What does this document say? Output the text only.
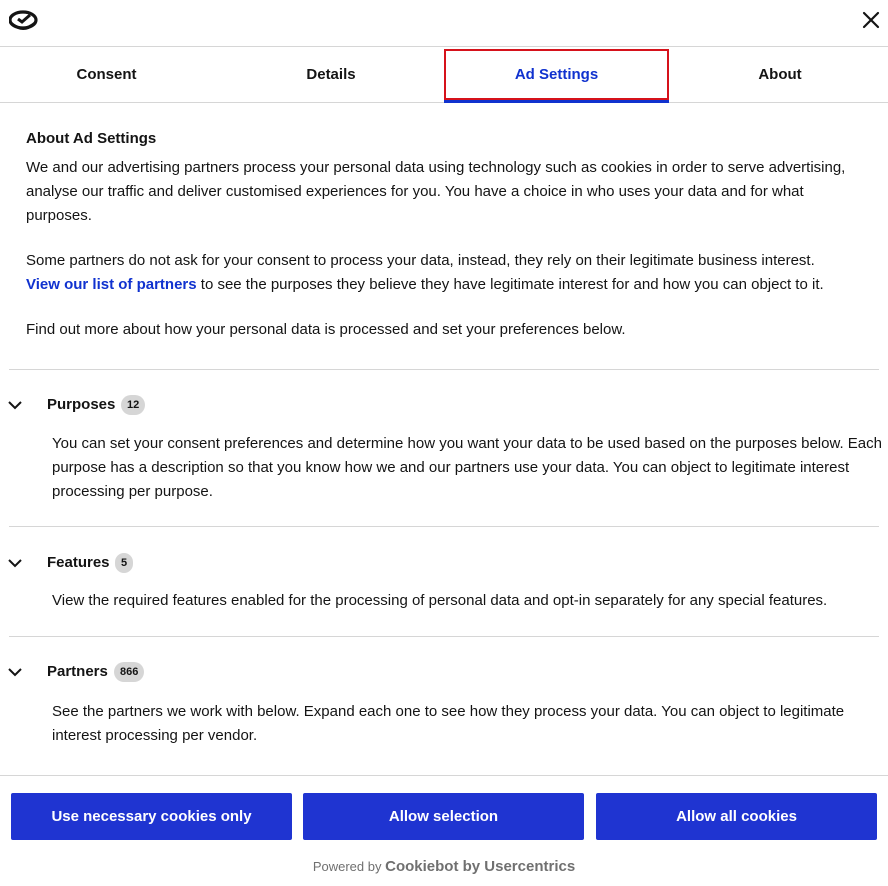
Consent	Details	Ad Settings	About
About Ad Settings

We and our advertising partners process your personal data using technology such as cookies in order to serve advertising, analyse our traffic and deliver customised experiences for you. You have a choice in who uses your data and for what purposes.

Some partners do not ask for your consent to process your data, instead, they rely on their legitimate business interest.
View our list of partners to see the purposes they believe they have legitimate interest for and how you can object to it.

Find out more about how your personal data is processed and set your preferences below.

Purposes	12
You can set your consent preferences and determine how you want your data to be used based on the purposes below. Each purpose has a description so that you know how we and our partners use your data. You can object to legitimate interest processing per purpose.
Features	5
View the required features enabled for the processing of personal data and opt-in separately for any special features.
Partners	866
See the partners we work with below. Expand each one to see how they process your data. You can object to legitimate interest processing per vendor.
Use necessary cookies only	Allow selection	Allow all cookies
Powered by Cookiebot by Usercentrics
